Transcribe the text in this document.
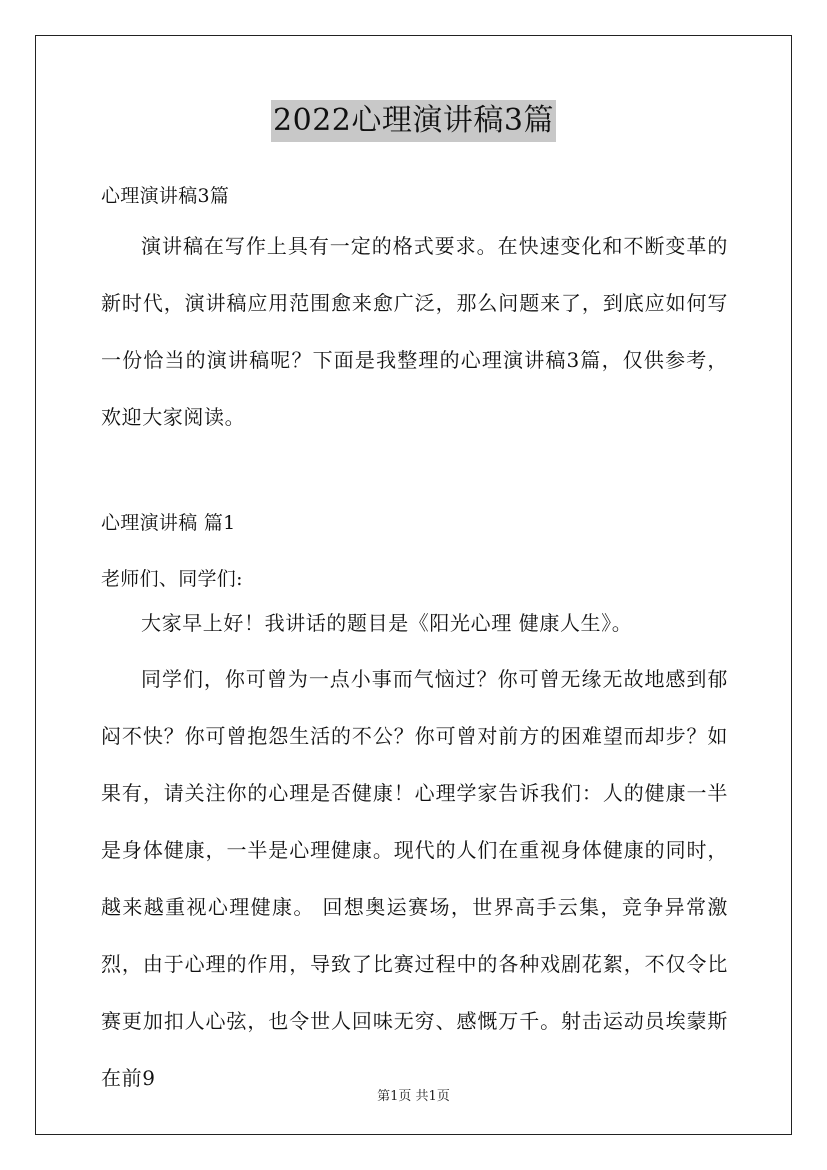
2022心理演讲稿3篇
心理演讲稿3篇

演讲稿在写作上具有一定的格式要求。在快速变化和不断变革的新时代，演讲稿应用范围愈来愈广泛，那么问题来了，到底应如何写一份恰当的演讲稿呢？下面是我整理的心理演讲稿3篇，仅供参考，欢迎大家阅读。

心理演讲稿 篇1
老师们、同学们:

大家早上好！我讲话的题目是《阳光心理 健康人生》。

同学们，你可曾为一点小事而气恼过？你可曾无缘无故地感到郁闷不快？你可曾抱怨生活的不公？你可曾对前方的困难望而却步？如果有，请关注你的心理是否健康！心理学家告诉我们：人的健康一半是身体健康，一半是心理健康。现代的人们在重视身体健康的同时，越来越重视心理健康。 回想奥运赛场，世界高手云集，竞争异常激烈，由于心理的作用，导致了比赛过程中的各种戏剧花絮，不仅令比赛更加扣人心弦，也令世人回味无穷、感慨万千。射击运动员埃蒙斯在前9

第1页 共1页
